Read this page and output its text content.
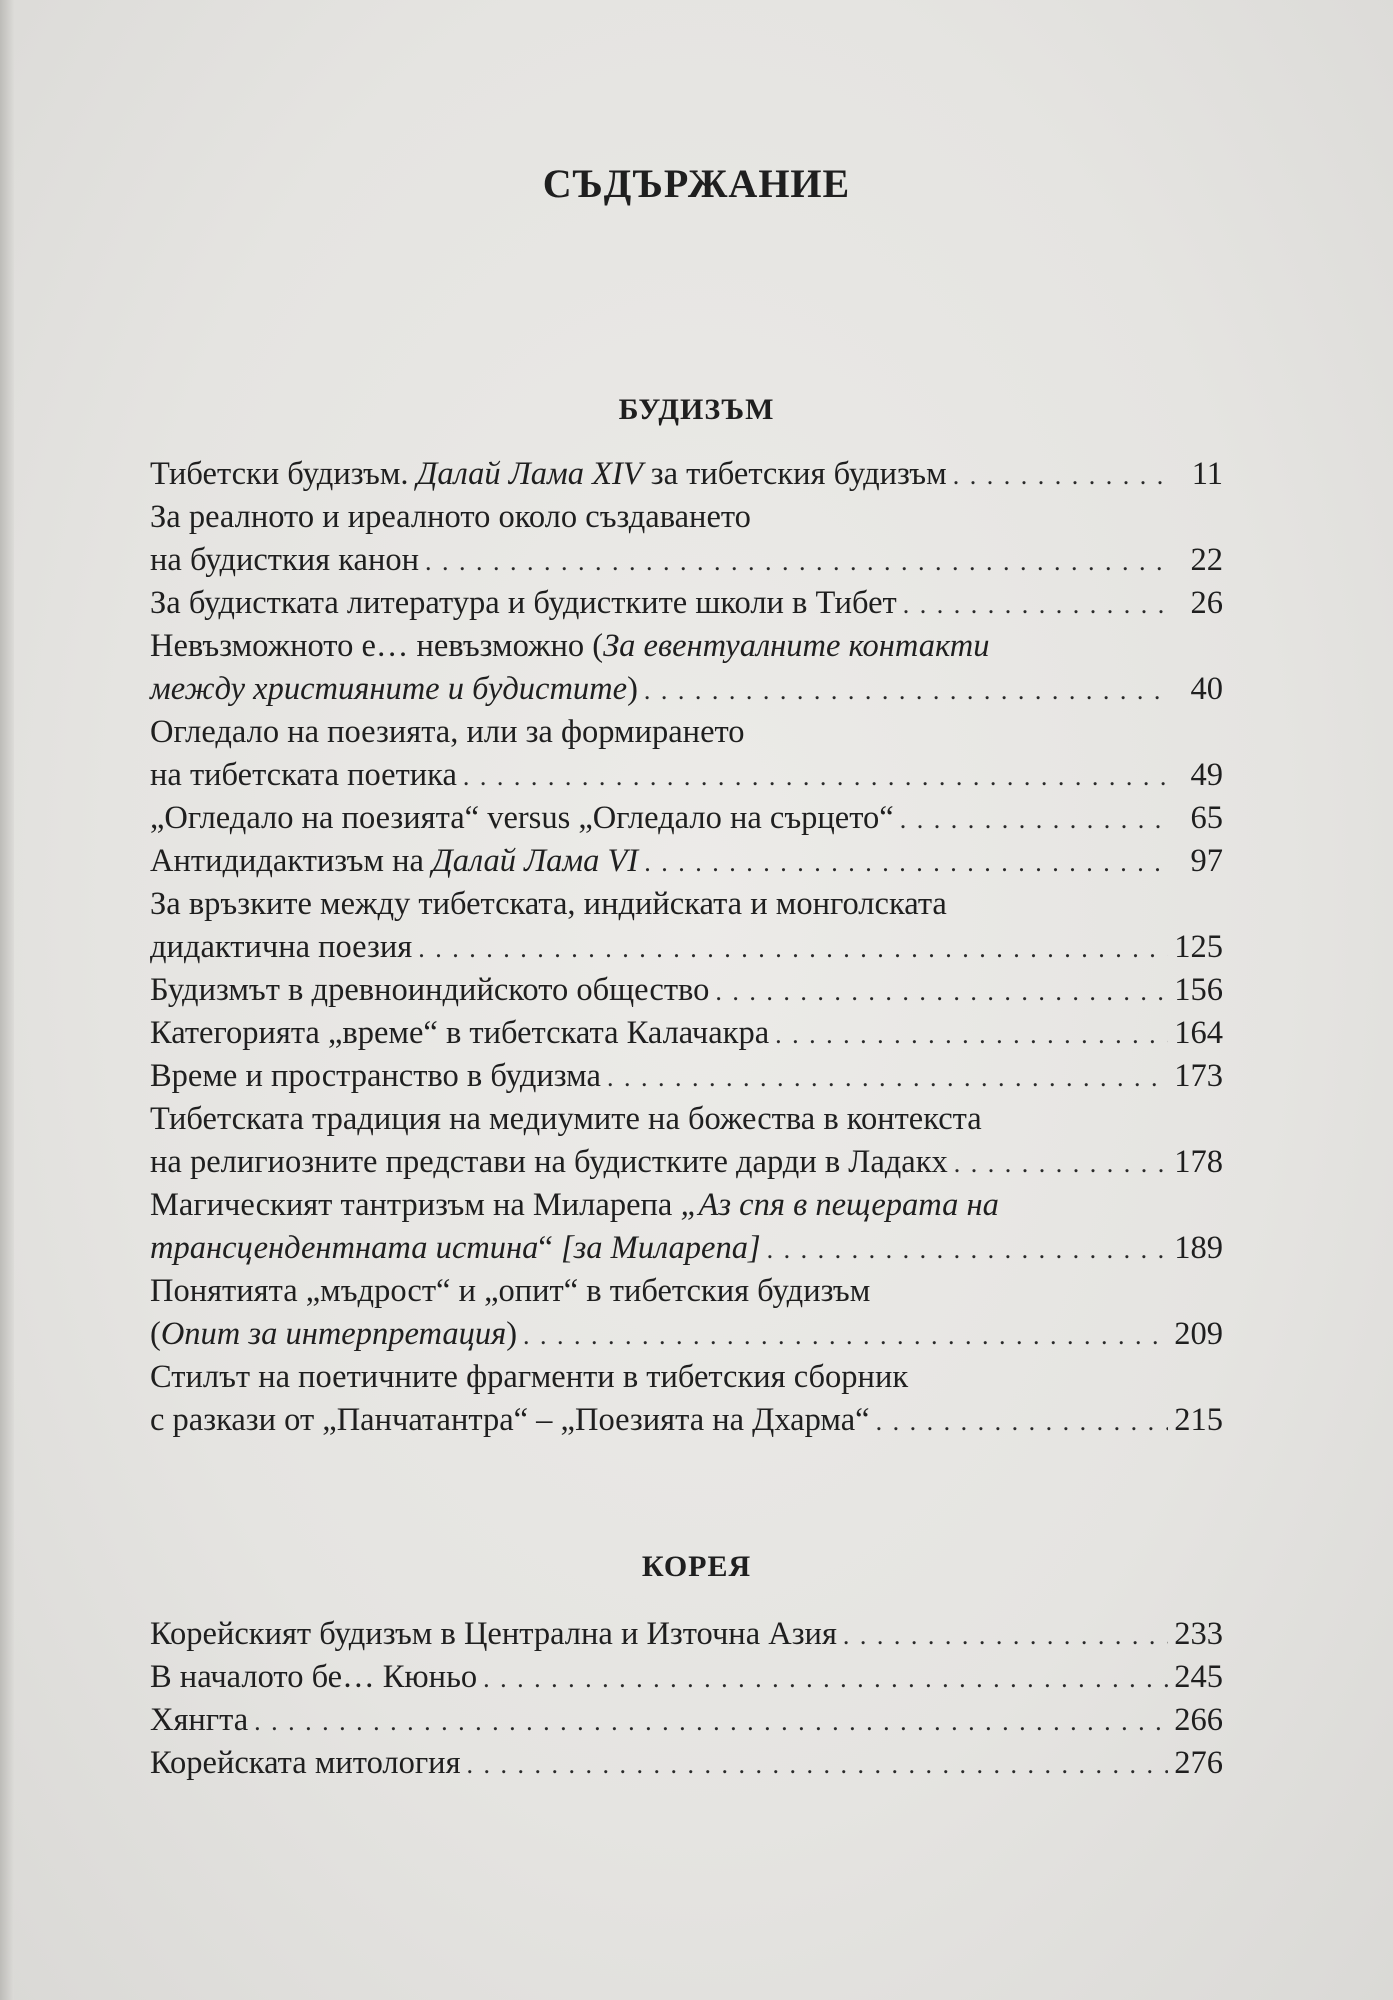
СЪДЪРЖАНИЕ
БУДИЗЪМ
Тибетски будизъм. Далай Лама XIV за тибетския будизъм . . .	11
За реалното и иреалното около създаването
на будисткия канон . . .	22
За будистката литература и будистките школи в Тибет . . .	26
Невъзможното е… невъзможно (За евентуалните контакти
между християните и будистите) . . .	40
Огледало на поезията, или за формирането
на тибетската поетика . . .	49
„Огледало на поезията“ versus „Огледало на сърцето“ . . .	65
Антидидактизъм на Далай Лама VI . . .	97
За връзките между тибетската, индийската и монголската
дидактична поезия . . .	125
Будизмът в древноиндийското общество . . .	156
Категорията „време“ в тибетската Калачакра . . .	164
Време и пространство в будизма . . .	173
Тибетската традиция на медиумите на божества в контекста
на религиозните представи на будистките дарди в Ладакх . . .	178
Магическият тантризъм на Миларепа „Аз спя в пещерата на
трансцендентната истина“ [за Миларепа] . . .	189
Понятията „мъдрост“ и „опит“ в тибетския будизъм
(Опит за интерпретация) . . .	209
Стилът на поетичните фрагменти в тибетския сборник
с разкази от „Панчатантра“ – „Поезията на Дхарма“ . . .	215
КОРЕЯ
Корейският будизъм в Централна и Източна Азия . . .	233
В началото бе… Кюньо . . .	245
Хянгта . . .	266
Корейската митология . . .	276
